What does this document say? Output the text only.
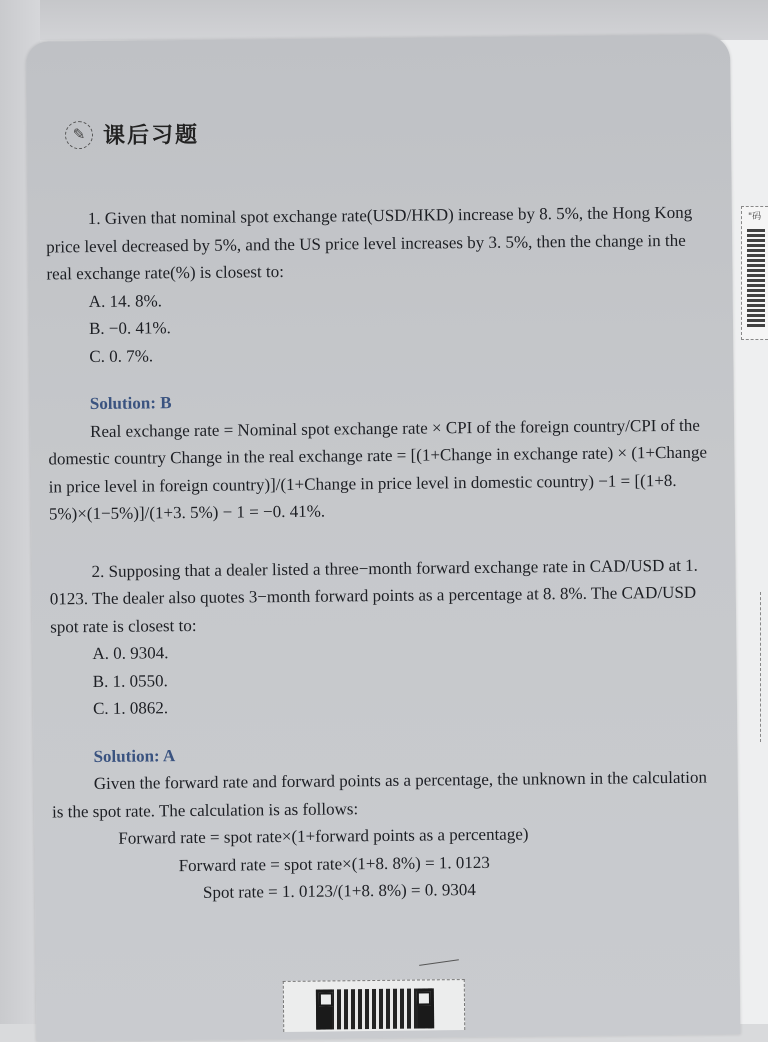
✎ 课后习题

1. Given that nominal spot exchange rate(USD/HKD) increase by 8. 5%, the Hong Kong price level decreased by 5%, and the US price level increases by 3. 5%, then the change in the real exchange rate(%) is closest to:

A. 14. 8%.

B. −0. 41%.

C. 0. 7%.

Solution: B

Real exchange rate = Nominal spot exchange rate × CPI of the foreign country/CPI of the domestic country Change in the real exchange rate = [(1+Change in exchange rate) × (1+Change in price level in foreign country)]/(1+Change in price level in domestic country) −1 = [(1+8. 5%)×(1−5%)]/(1+3. 5%) − 1 = −0. 41%.

2. Supposing that a dealer listed a three−month forward exchange rate in CAD/USD at 1. 0123. The dealer also quotes 3−month forward points as a percentage at 8. 8%. The CAD/USD spot rate is closest to:

A. 0. 9304.

B. 1. 0550.

C. 1. 0862.

Solution: A

Given the forward rate and forward points as a percentage, the unknown in the calculation is the spot rate. The calculation is as follows:

Forward rate = spot rate×(1+forward points as a percentage)

Forward rate = spot rate×(1+8. 8%) = 1. 0123

Spot rate = 1. 0123/(1+8. 8%) = 0. 9304

"码
